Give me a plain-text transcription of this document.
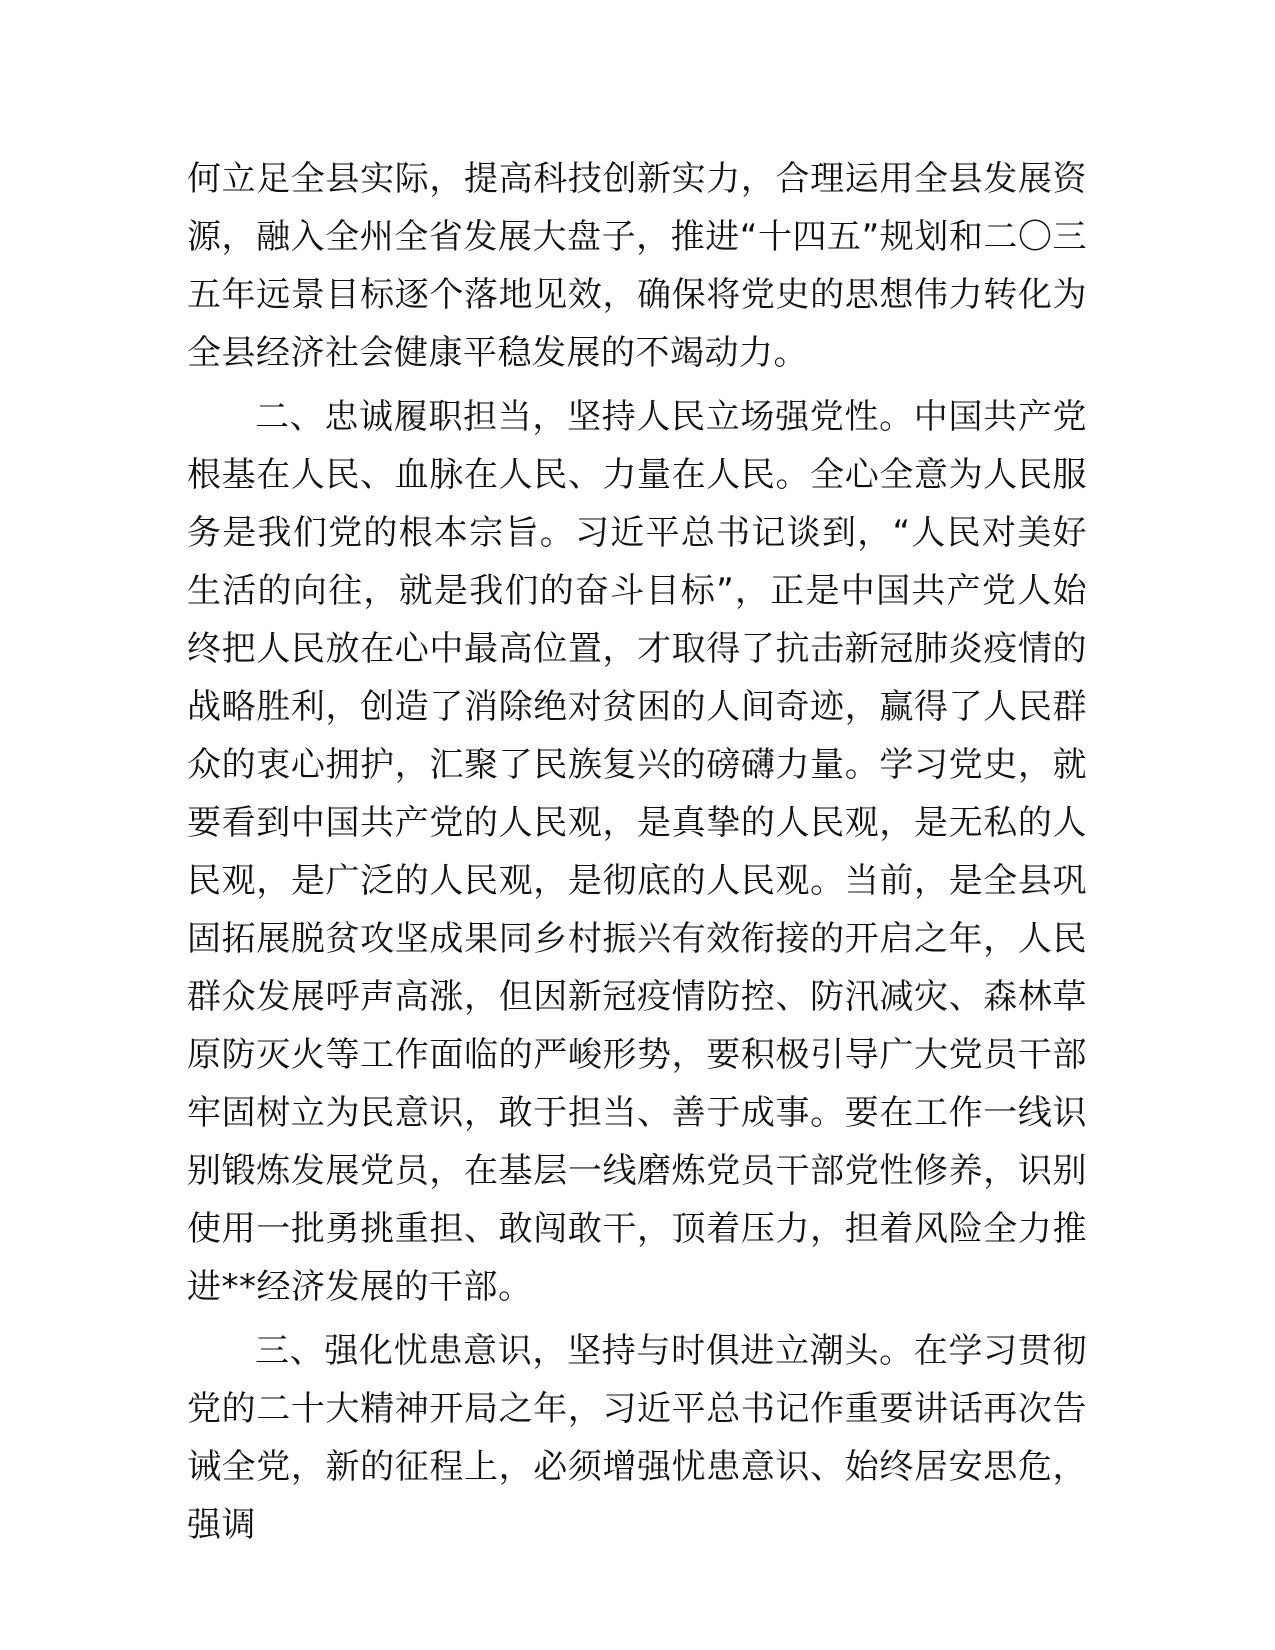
何立足全县实际，提高科技创新实力，合理运用全县发展资源，融入全州全省发展大盘子，推进“十四五”规划和二〇三五年远景目标逐个落地见效，确保将党史的思想伟力转化为全县经济社会健康平稳发展的不竭动力。

二、忠诚履职担当，坚持人民立场强党性。中国共产党根基在人民、血脉在人民、力量在人民。全心全意为人民服务是我们党的根本宗旨。习近平总书记谈到，“人民对美好生活的向往，就是我们的奋斗目标”，正是中国共产党人始终把人民放在心中最高位置，才取得了抗击新冠肺炎疫情的战略胜利，创造了消除绝对贫困的人间奇迹，赢得了人民群众的衷心拥护，汇聚了民族复兴的磅礴力量。学习党史，就要看到中国共产党的人民观，是真挚的人民观，是无私的人民观，是广泛的人民观，是彻底的人民观。当前，是全县巩固拓展脱贫攻坚成果同乡村振兴有效衔接的开启之年，人民群众发展呼声高涨，但因新冠疫情防控、防汛减灾、森林草原防灭火等工作面临的严峻形势，要积极引导广大党员干部牢固树立为民意识，敢于担当、善于成事。要在工作一线识别锻炼发展党员，在基层一线磨炼党员干部党性修养，识别使用一批勇挑重担、敢闯敢干，顶着压力，担着风险全力推进**经济发展的干部。

三、强化忧患意识，坚持与时俱进立潮头。在学习贯彻党的二十大精神开局之年，习近平总书记作重要讲话再次告诫全党，新的征程上，必须增强忧患意识、始终居安思危，强调
